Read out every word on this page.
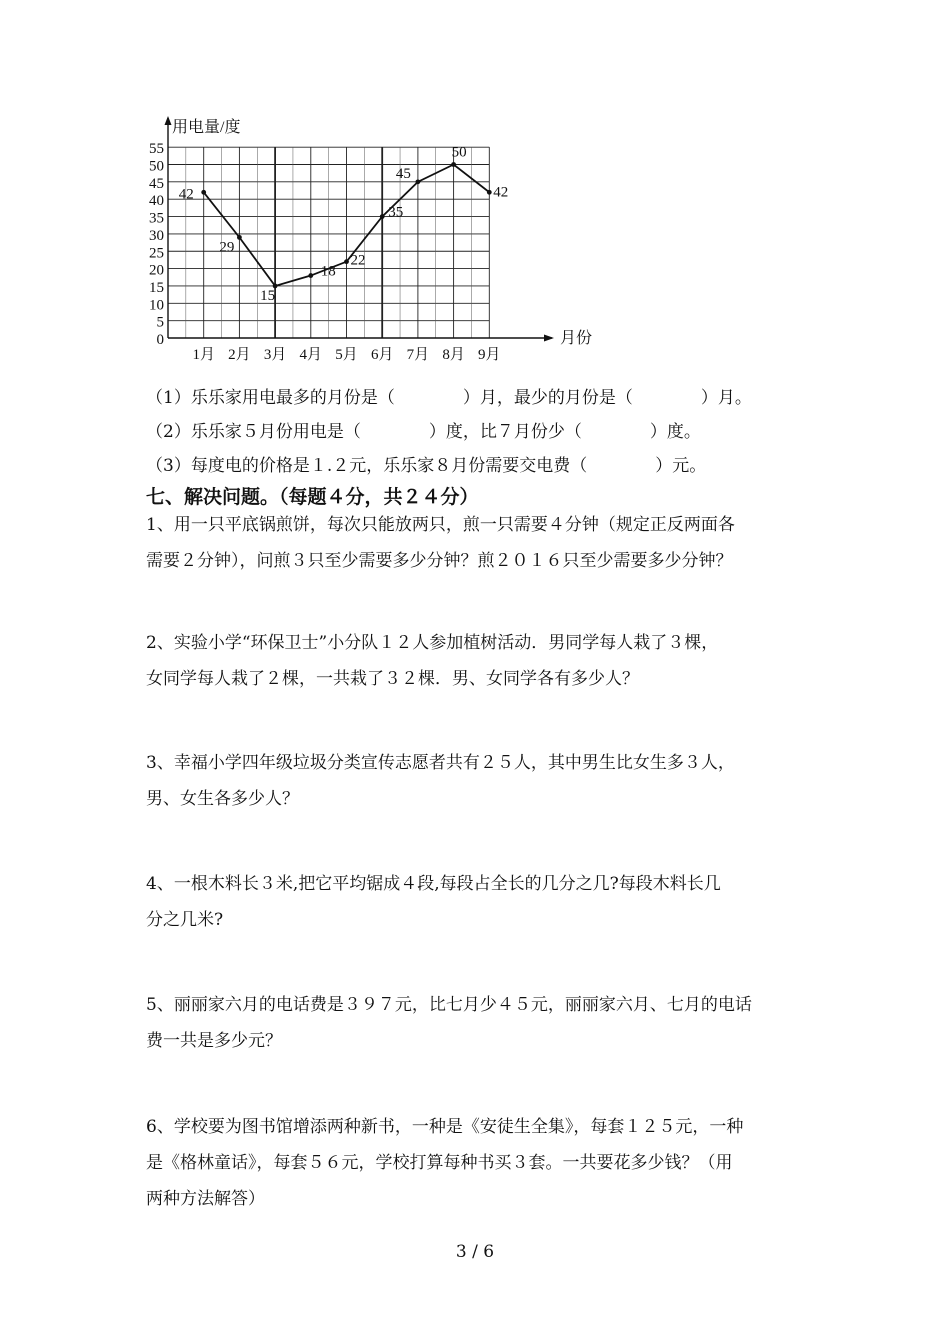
用电量/度
月份
0
5
10
15
20
25
30
35
40
45
50
55
1月 2月 3月 4月 5月 6月 7月 8月 9月
42
29
15
18
22
35
45
50
42
（1）乐乐家用电最多的月份是（　　　　）月，最少的月份是（　　　　）月。
（2）乐乐家５月份用电是（　　　　）度，比７月份少（　　　　）度。
（3）每度电的价格是１.２元，乐乐家８月份需要交电费（　　　　）元。
七、解决问题。（每题４分，共２４分）
1、用一只平底锅煎饼，每次只能放两只，煎一只需要４分钟（规定正反两面各
需要２分钟），问煎３只至少需要多少分钟？煎２０１６只至少需要多少分钟？
2、实验小学“环保卫士”小分队１２人参加植树活动．男同学每人栽了３棵，
女同学每人栽了２棵，一共栽了３２棵．男、女同学各有多少人？
3、幸福小学四年级垃圾分类宣传志愿者共有２５人，其中男生比女生多３人，
男、女生各多少人？
4、一根木料长３米,把它平均锯成４段,每段占全长的几分之几?每段木料长几
分之几米?
5、丽丽家六月的电话费是３９７元，比七月少４５元，丽丽家六月、七月的电话
费一共是多少元？
6、学校要为图书馆增添两种新书，一种是《安徒生全集》，每套１２５元，一种
是《格林童话》，每套５６元，学校打算每种书买３套。一共要花多少钱？（用
两种方法解答）
3 / 6
